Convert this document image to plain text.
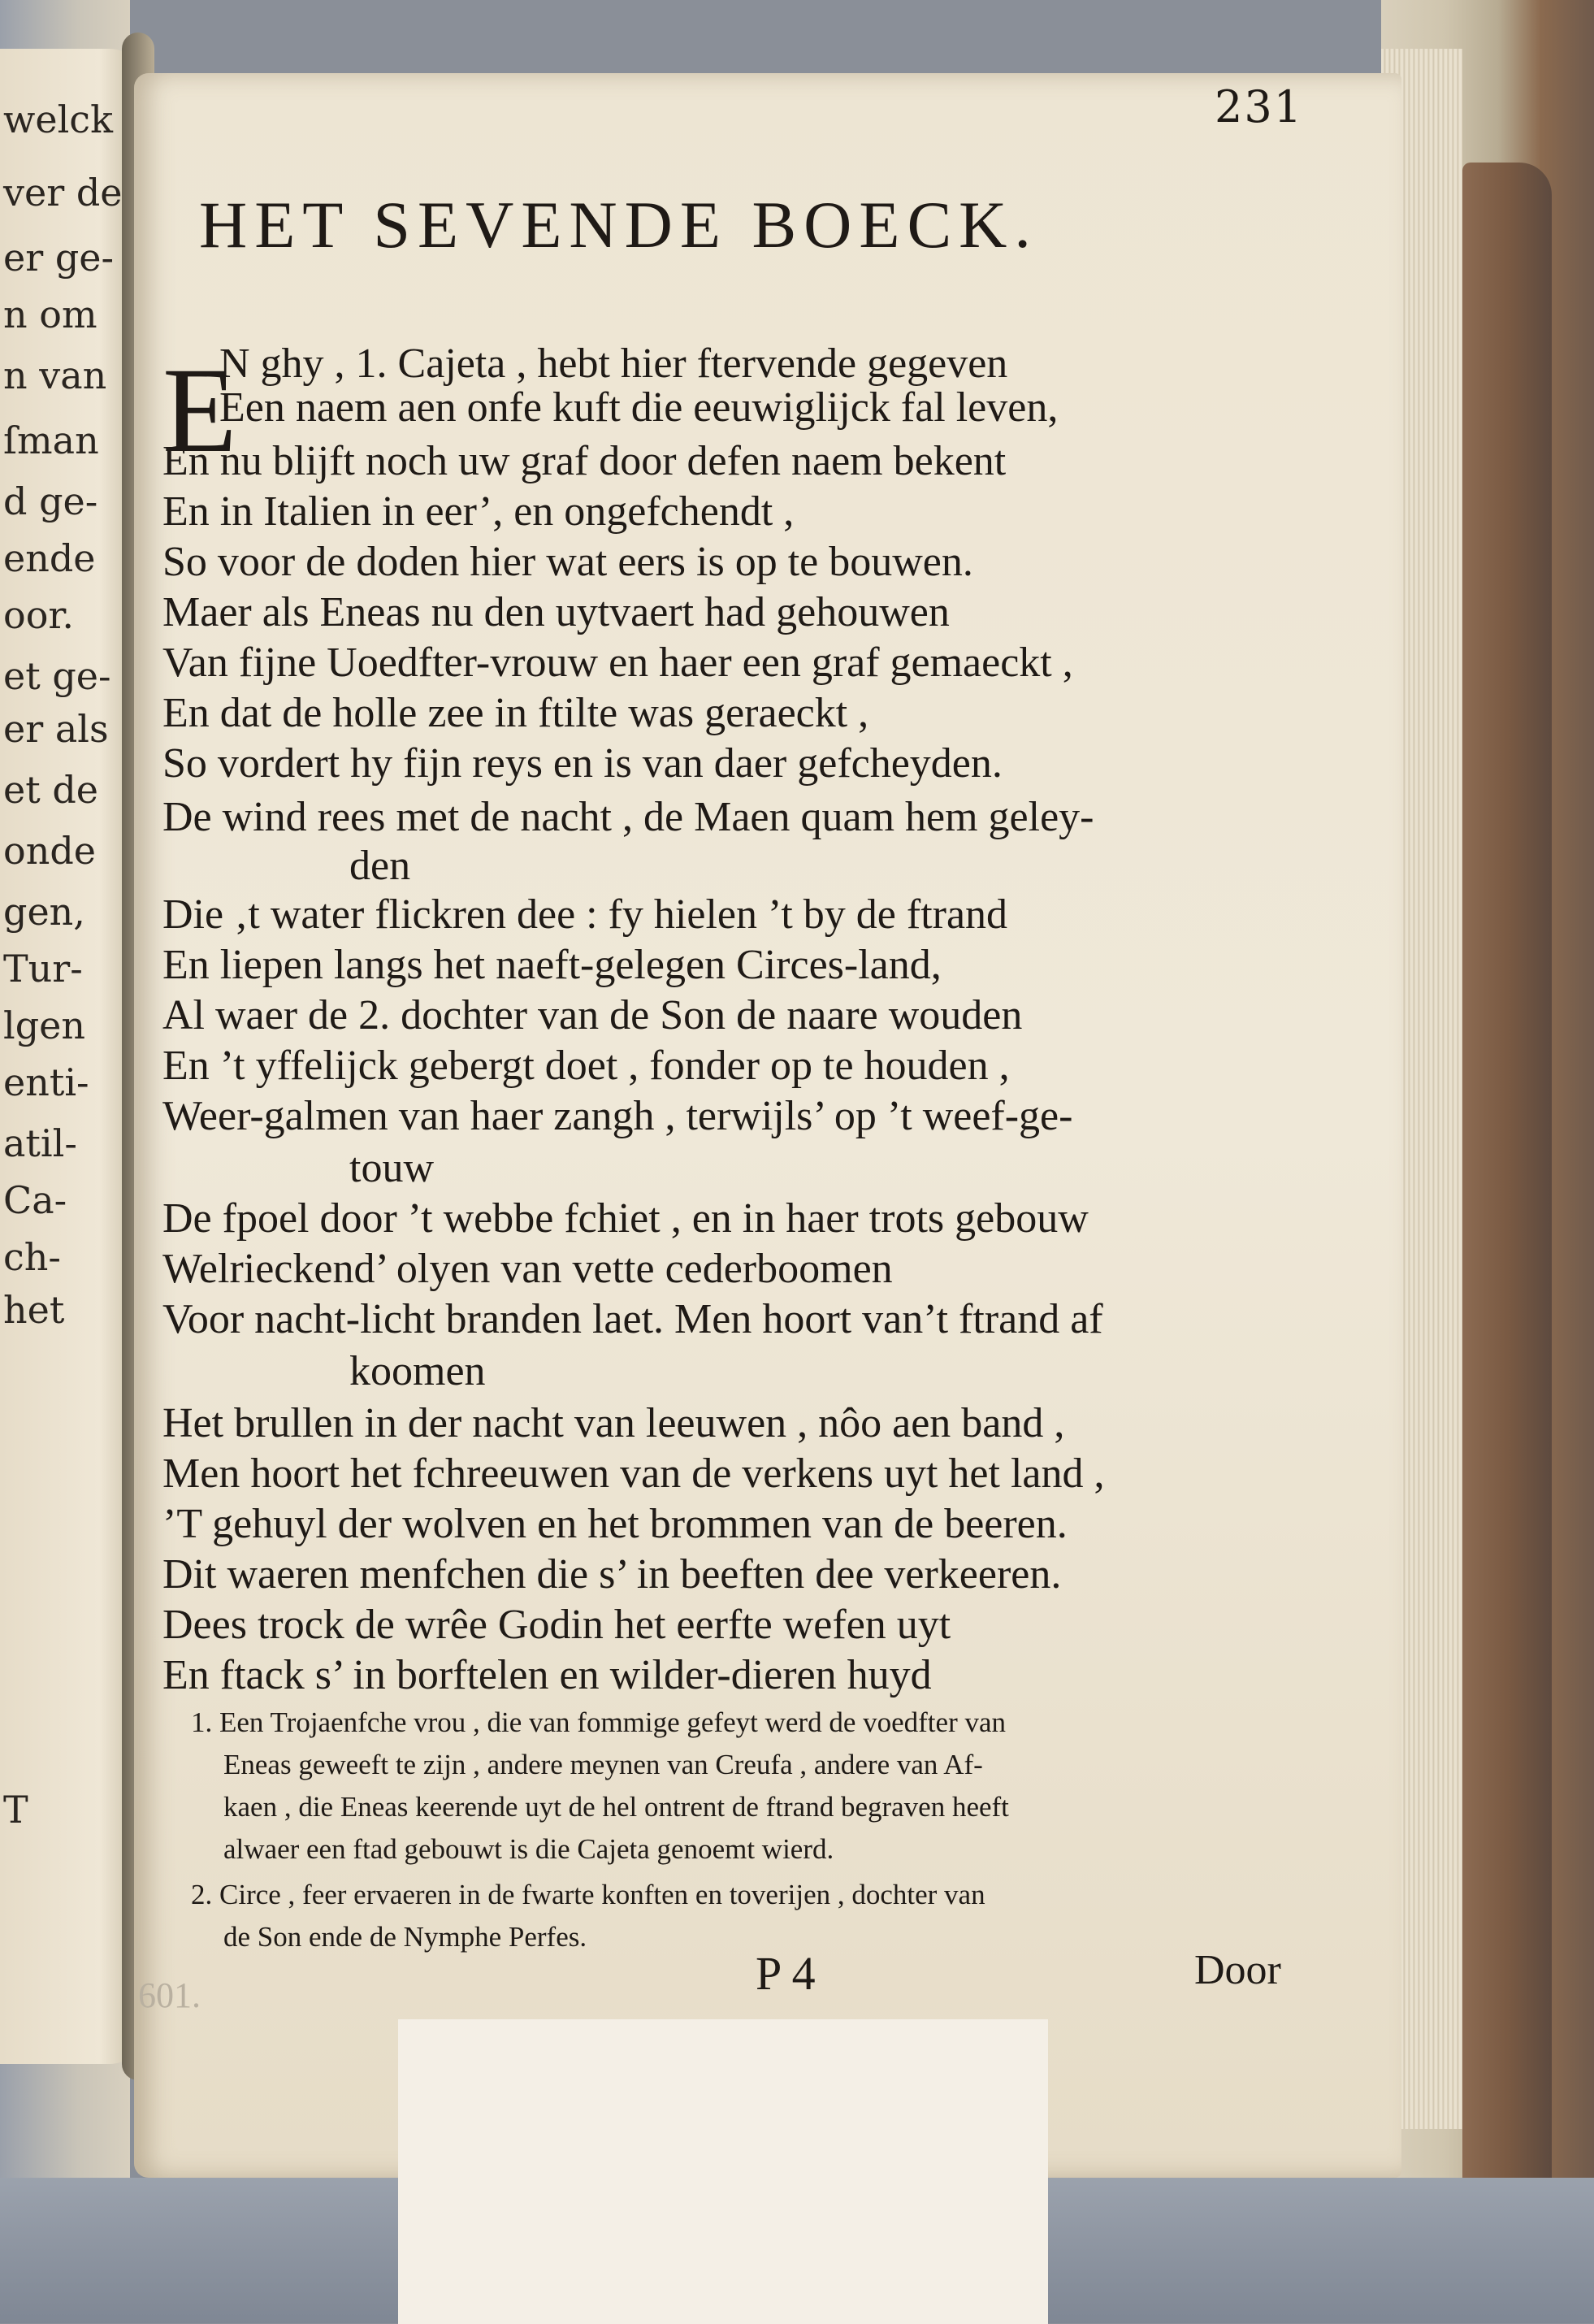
welck
ver de
er ge-
n om
n van
ſman
d ge-
ende
oor.
et ge-
er als
et de
onde
gen,
Tur-
lgen
enti-
atil-
Ca-
ch-
het
T
231
HET SEVENDE BOECK.
E
N ghy , 1. Cajeta , hebt hier ftervende gegeven
Een naem aen onfe kuft die eeuwiglijck fal leven,
En nu blijft noch uw graf door defen naem bekent
En in Italien in eer’, en ongefchendt ,
So voor de doden hier wat eers is op te bouwen.
Maer als Eneas nu den uytvaert had gehouwen
Van fijne Uoedfter-vrouw en haer een graf gemaeckt ,
En dat de holle zee in ftilte was geraeckt ,
So vordert hy fijn reys en is van daer gefcheyden.
De wind rees met de nacht , de Maen quam hem geley-
den
Die ‚t water flickren dee : fy hielen ’t by de ftrand
En liepen langs het naeft-gelegen Circes-land,
Al waer de 2. dochter van de Son de naare wouden
En ’t yffelijck gebergt doet , fonder op te houden ,
Weer-galmen van haer zangh , terwijls’ op ’t weef-ge-
touw
De fpoel door ’t webbe fchiet , en in haer trots gebouw
Welrieckend’ olyen van vette cederboomen
Voor nacht-licht branden laet. Men hoort van’t ftrand af
koomen
Het brullen in der nacht van leeuwen , nôo aen band ,
Men hoort het fchreeuwen van de verkens uyt het land ,
’T gehuyl der wolven en het brommen van de beeren.
Dit waeren menfchen die s’ in beeften dee verkeeren.
Dees trock de wrêe Godin het eerfte wefen uyt
En ftack s’ in borftelen en wilder-dieren huyd
1. Een Trojaenfche vrou , die van fommige gefeyt werd de voedfter van
Eneas geweeft te zijn , andere meynen van Creufa , andere van Af-
kaen , die Eneas keerende uyt de hel ontrent de ftrand begraven heeft
alwaer een ftad gebouwt is die Cajeta genoemt wierd.
2. Circe , feer ervaeren in de fwarte konften en toverijen , dochter van
de Son ende de Nymphe Perfes.
P 4	Door
601.
